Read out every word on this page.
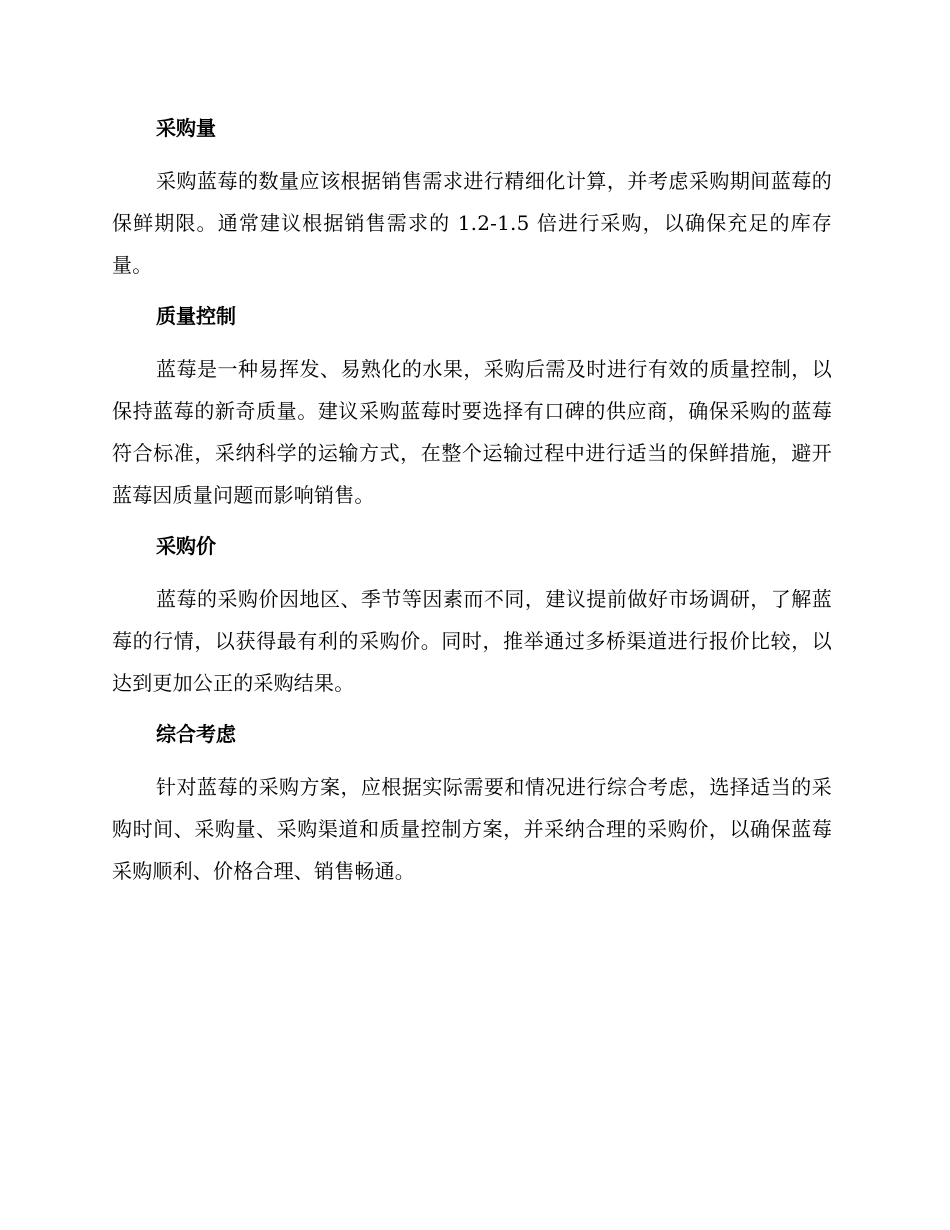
采购量

采购蓝莓的数量应该根据销售需求进行精细化计算，并考虑采购期间蓝莓的保鲜期限。通常建议根据销售需求的 1.2-1.5 倍进行采购，以确保充足的库存量。

质量控制

蓝莓是一种易挥发、易熟化的水果，采购后需及时进行有效的质量控制，以保持蓝莓的新奇质量。建议采购蓝莓时要选择有口碑的供应商，确保采购的蓝莓符合标准，采纳科学的运输方式，在整个运输过程中进行适当的保鲜措施，避开蓝莓因质量问题而影响销售。

采购价

蓝莓的采购价因地区、季节等因素而不同，建议提前做好市场调研，了解蓝莓的行情，以获得最有利的采购价。同时，推举通过多桥渠道进行报价比较，以达到更加公正的采购结果。

综合考虑

针对蓝莓的采购方案，应根据实际需要和情况进行综合考虑，选择适当的采购时间、采购量、采购渠道和质量控制方案，并采纳合理的采购价，以确保蓝莓采购顺利、价格合理、销售畅通。
